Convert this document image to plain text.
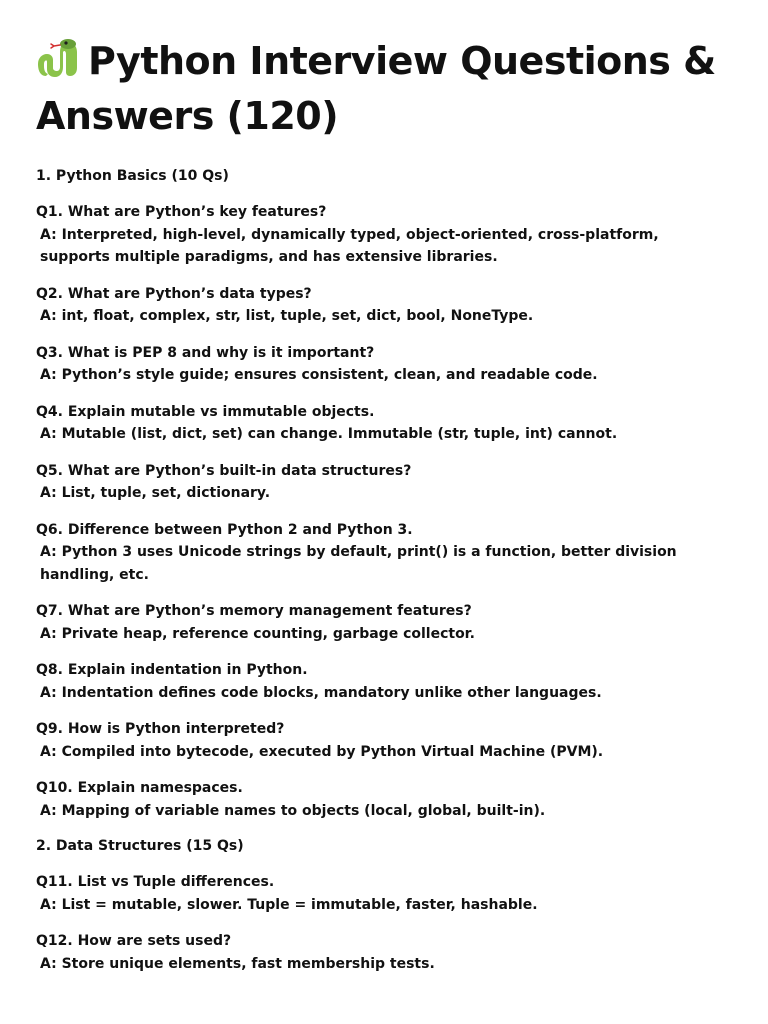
Python Interview Questions & Answers (120)
1. Python Basics (10 Qs)
Q1. What are Python’s key features?
A: Interpreted, high-level, dynamically typed, object-oriented, cross-platform, supports multiple paradigms, and has extensive libraries.
Q2. What are Python’s data types?
A: int, float, complex, str, list, tuple, set, dict, bool, NoneType.
Q3. What is PEP 8 and why is it important?
A: Python’s style guide; ensures consistent, clean, and readable code.
Q4. Explain mutable vs immutable objects.
A: Mutable (list, dict, set) can change. Immutable (str, tuple, int) cannot.
Q5. What are Python’s built-in data structures?
A: List, tuple, set, dictionary.
Q6. Difference between Python 2 and Python 3.
A: Python 3 uses Unicode strings by default, print() is a function, better division handling, etc.
Q7. What are Python’s memory management features?
A: Private heap, reference counting, garbage collector.
Q8. Explain indentation in Python.
A: Indentation defines code blocks, mandatory unlike other languages.
Q9. How is Python interpreted?
A: Compiled into bytecode, executed by Python Virtual Machine (PVM).
Q10. Explain namespaces.
A: Mapping of variable names to objects (local, global, built-in).
2. Data Structures (15 Qs)
Q11. List vs Tuple differences.
A: List = mutable, slower. Tuple = immutable, faster, hashable.
Q12. How are sets used?
A: Store unique elements, fast membership tests.
